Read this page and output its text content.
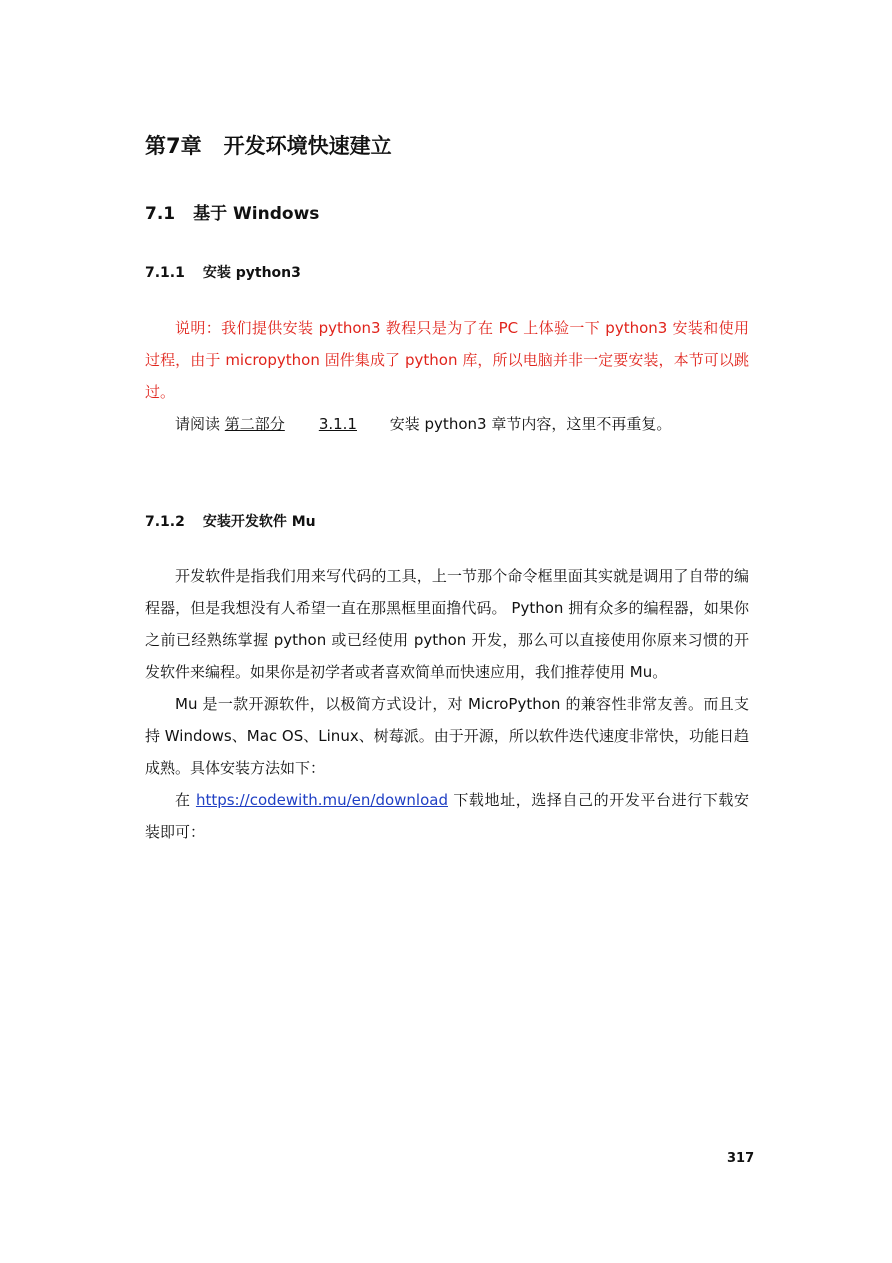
第7章 开发环境快速建立
7.1 基于 Windows
7.1.1 安装 python3

说明：我们提供安装 python3 教程只是为了在 PC 上体验一下 python3 安装和使用过程，由于 micropython 固件集成了 python 库，所以电脑并非一定要安装，本节可以跳过。

请阅读 第二部分 3.1.1 安装 python3 章节内容，这里不再重复。

7.1.2 安装开发软件 Mu

开发软件是指我们用来写代码的工具，上一节那个命令框里面其实就是调用了自带的编程器，但是我想没有人希望一直在那黑框里面撸代码。 Python 拥有众多的编程器，如果你之前已经熟练掌握 python 或已经使用 python 开发，那么可以直接使用你原来习惯的开发软件来编程。如果你是初学者或者喜欢简单而快速应用，我们推荐使用 Mu。

Mu 是一款开源软件，以极简方式设计，对 MicroPython 的兼容性非常友善。而且支持 Windows、Mac OS、Linux、树莓派。由于开源，所以软件迭代速度非常快，功能日趋成熟。具体安装方法如下：

在 https://codewith.mu/en/download 下载地址，选择自己的开发平台进行下载安装即可：

317
